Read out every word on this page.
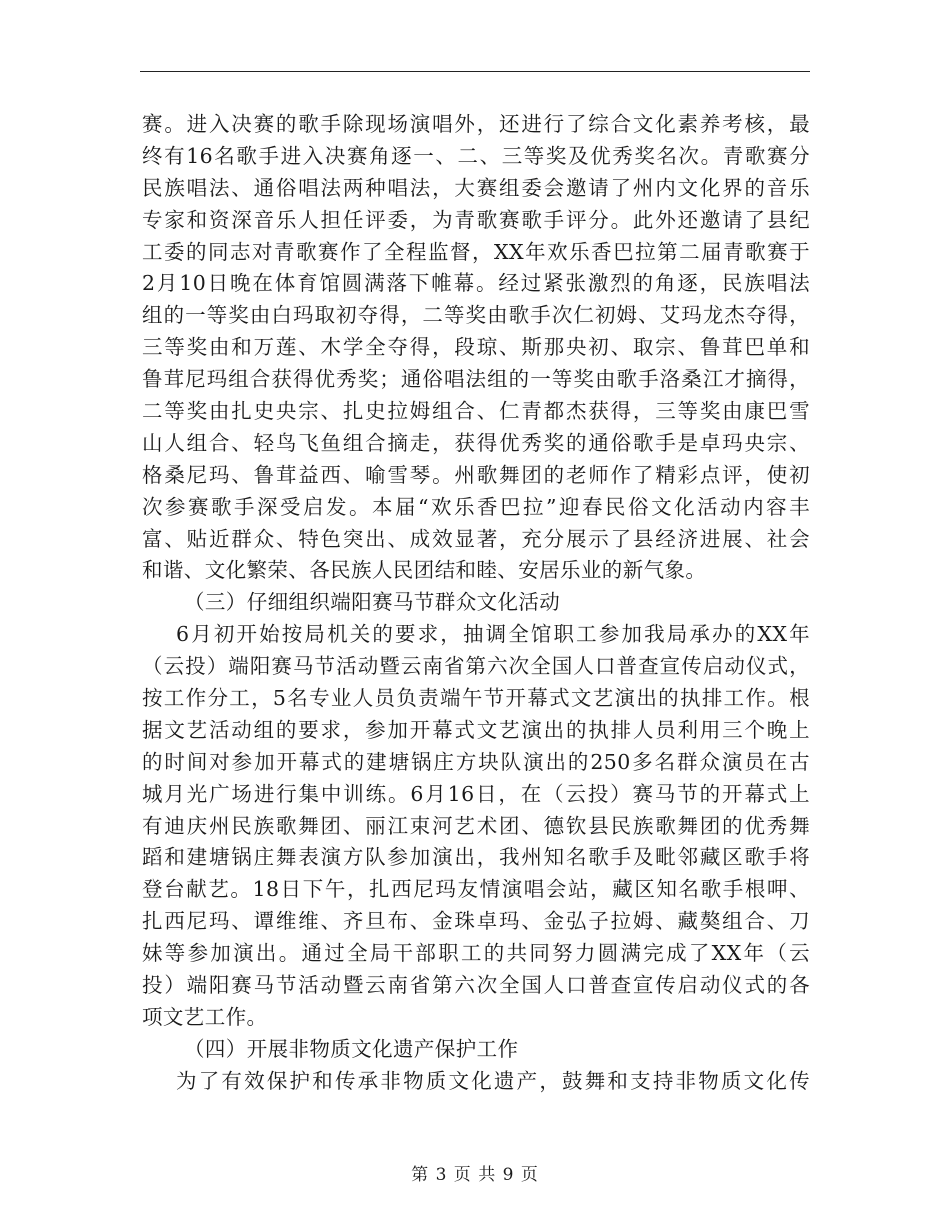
赛。进入决赛的歌手除现场演唱外，还进行了综合文化素养考核，最
终有16名歌手进入决赛角逐一、二、三等奖及优秀奖名次。青歌赛分
民族唱法、通俗唱法两种唱法，大赛组委会邀请了州内文化界的音乐
专家和资深音乐人担任评委，为青歌赛歌手评分。此外还邀请了县纪
工委的同志对青歌赛作了全程监督，XX年欢乐香巴拉第二届青歌赛于
2月10日晚在体育馆圆满落下帷幕。经过紧张激烈的角逐，民族唱法
组的一等奖由白玛取初夺得，二等奖由歌手次仁初姆、艾玛龙杰夺得，
三等奖由和万莲、木学全夺得，段琼、斯那央初、取宗、鲁茸巴单和
鲁茸尼玛组合获得优秀奖；通俗唱法组的一等奖由歌手洛桑江才摘得，
二等奖由扎史央宗、扎史拉姆组合、仁青都杰获得，三等奖由康巴雪
山人组合、轻鸟飞鱼组合摘走，获得优秀奖的通俗歌手是卓玛央宗、
格桑尼玛、鲁茸益西、喻雪琴。州歌舞团的老师作了精彩点评，使初
次参赛歌手深受启发。本届“欢乐香巴拉”迎春民俗文化活动内容丰
富、贴近群众、特色突出、成效显著，充分展示了县经济进展、社会
和谐、文化繁荣、各民族人民团结和睦、安居乐业的新气象。
（三）仔细组织端阳赛马节群众文化活动
6月初开始按局机关的要求，抽调全馆职工参加我局承办的XX年
（云投）端阳赛马节活动暨云南省第六次全国人口普查宣传启动仪式，
按工作分工，5名专业人员负责端午节开幕式文艺演出的执排工作。根
据文艺活动组的要求，参加开幕式文艺演出的执排人员利用三个晚上
的时间对参加开幕式的建塘锅庄方块队演出的250多名群众演员在古
城月光广场进行集中训练。6月16日，在（云投）赛马节的开幕式上
有迪庆州民族歌舞团、丽江束河艺术团、德钦县民族歌舞团的优秀舞
蹈和建塘锅庄舞表演方队参加演出，我州知名歌手及毗邻藏区歌手将
登台献艺。18日下午，扎西尼玛友情演唱会站，藏区知名歌手根呷、
扎西尼玛、谭维维、齐旦布、金珠卓玛、金弘子拉姆、藏獒组合、刀
妹等参加演出。通过全局干部职工的共同努力圆满完成了XX年（云
投）端阳赛马节活动暨云南省第六次全国人口普查宣传启动仪式的各
项文艺工作。
（四）开展非物质文化遗产保护工作
为了有效保护和传承非物质文化遗产，鼓舞和支持非物质文化传
第 3 页 共 9 页
